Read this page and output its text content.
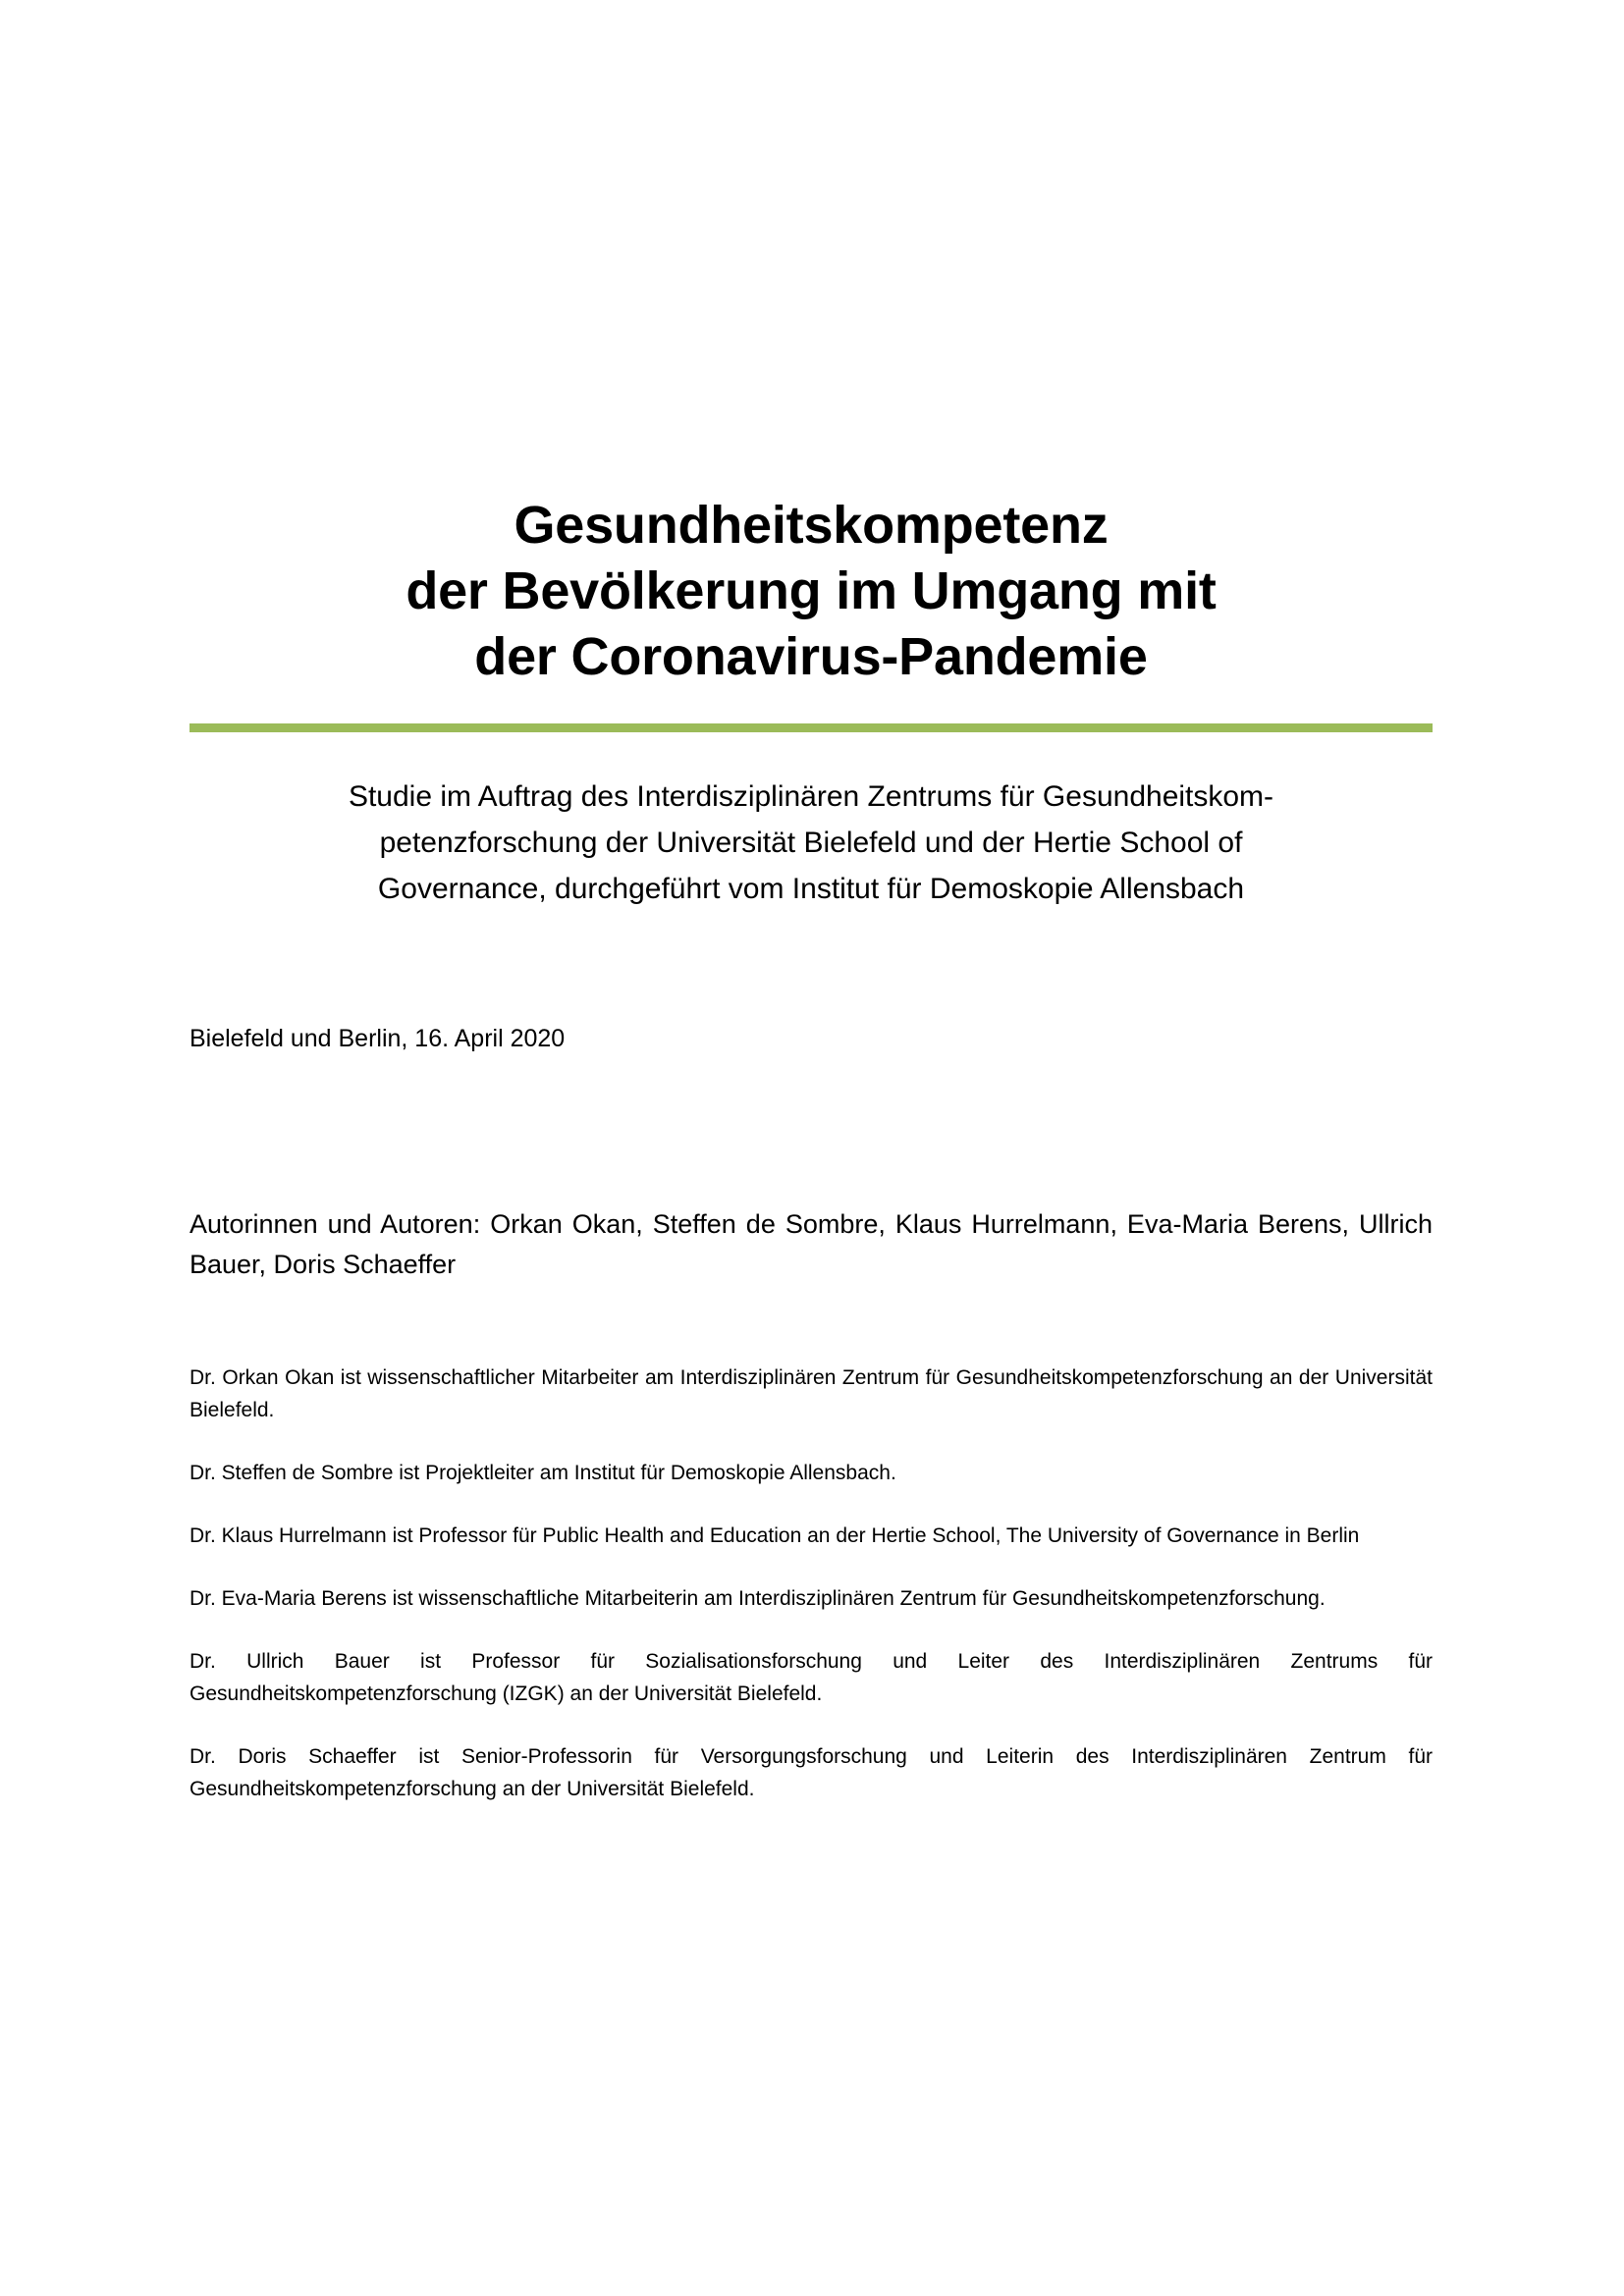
Gesundheitskompetenz
der Bevölkerung im Umgang mit
der Coronavirus-Pandemie
Studie im Auftrag des Interdisziplinären Zentrums für Gesundheitskom-
petenzforschung der Universität Bielefeld und der Hertie School of
Governance, durchgeführt vom Institut für Demoskopie Allensbach
Bielefeld und Berlin, 16. April 2020
Autorinnen und Autoren: Orkan Okan, Steffen de Sombre, Klaus Hurrelmann, Eva-Maria Berens, Ullrich Bauer, Doris Schaeffer

Dr. Orkan Okan ist wissenschaftlicher Mitarbeiter am Interdisziplinären Zentrum für Gesundheitskompetenzforschung an der Universität Bielefeld.

Dr. Steffen de Sombre ist Projektleiter am Institut für Demoskopie Allensbach.

Dr. Klaus Hurrelmann ist Professor für Public Health and Education an der Hertie School, The University of Governance in Berlin

Dr. Eva-Maria Berens ist wissenschaftliche Mitarbeiterin am Interdisziplinären Zentrum für Gesundheitskompetenzforschung.

Dr. Ullrich Bauer ist Professor für Sozialisationsforschung und Leiter des Interdisziplinären Zentrums für Gesundheitskompetenzforschung (IZGK) an der Universität Bielefeld.

Dr. Doris Schaeffer ist Senior-Professorin für Versorgungsforschung und Leiterin des Interdisziplinären Zentrum für Gesundheitskompetenzforschung an der Universität Bielefeld.
